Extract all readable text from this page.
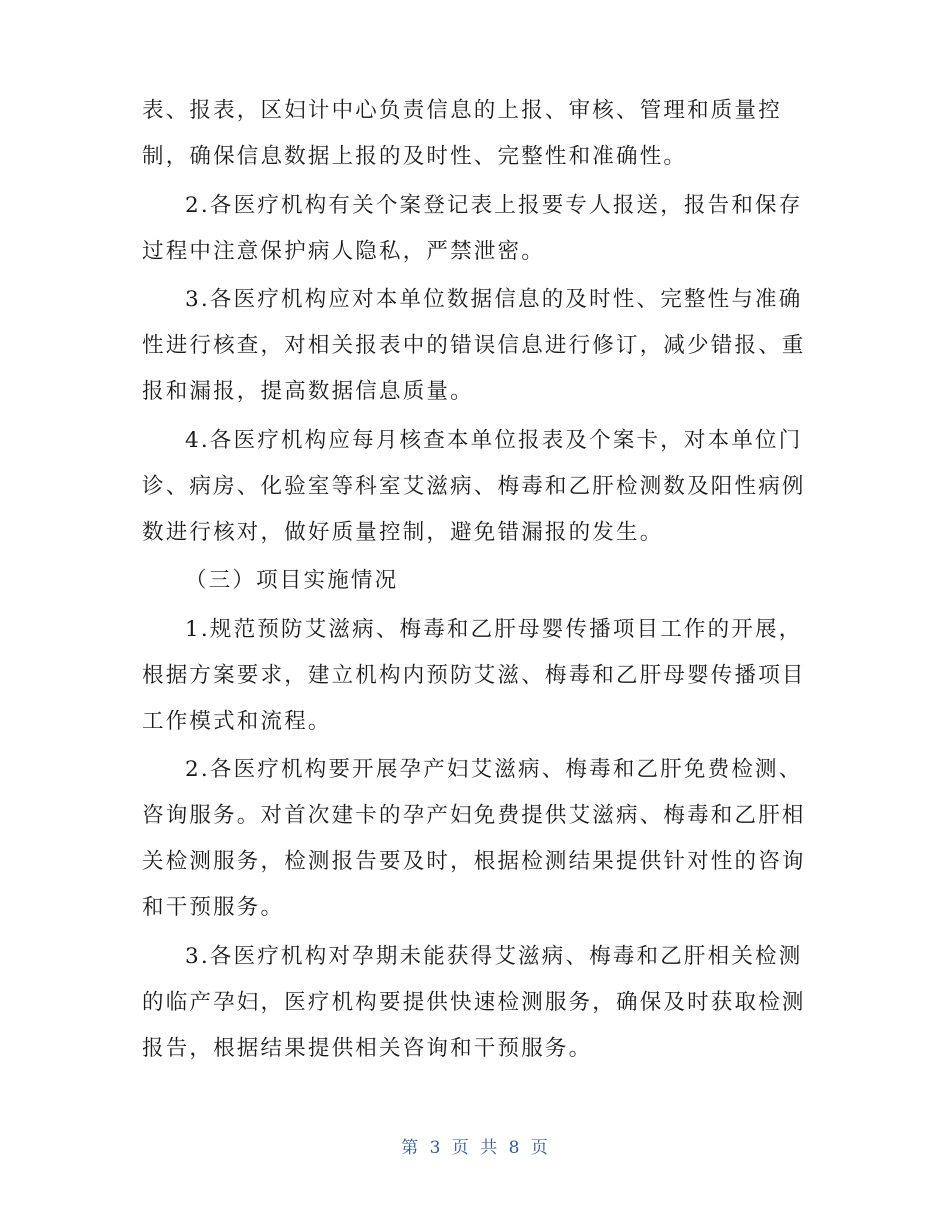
表、报表，区妇计中心负责信息的上报、审核、管理和质量控
制，确保信息数据上报的及时性、完整性和准确性。
2.各医疗机构有关个案登记表上报要专人报送，报告和保存
过程中注意保护病人隐私，严禁泄密。
3.各医疗机构应对本单位数据信息的及时性、完整性与准确
性进行核查，对相关报表中的错误信息进行修订，减少错报、重
报和漏报，提高数据信息质量。
4.各医疗机构应每月核查本单位报表及个案卡，对本单位门
诊、病房、化验室等科室艾滋病、梅毒和乙肝检测数及阳性病例
数进行核对，做好质量控制，避免错漏报的发生。
（三）项目实施情况
1.规范预防艾滋病、梅毒和乙肝母婴传播项目工作的开展，
根据方案要求，建立机构内预防艾滋、梅毒和乙肝母婴传播项目
工作模式和流程。
2.各医疗机构要开展孕产妇艾滋病、梅毒和乙肝免费检测、
咨询服务。对首次建卡的孕产妇免费提供艾滋病、梅毒和乙肝相
关检测服务，检测报告要及时，根据检测结果提供针对性的咨询
和干预服务。
3.各医疗机构对孕期未能获得艾滋病、梅毒和乙肝相关检测
的临产孕妇，医疗机构要提供快速检测服务，确保及时获取检测
报告，根据结果提供相关咨询和干预服务。
第 3 页 共 8 页
